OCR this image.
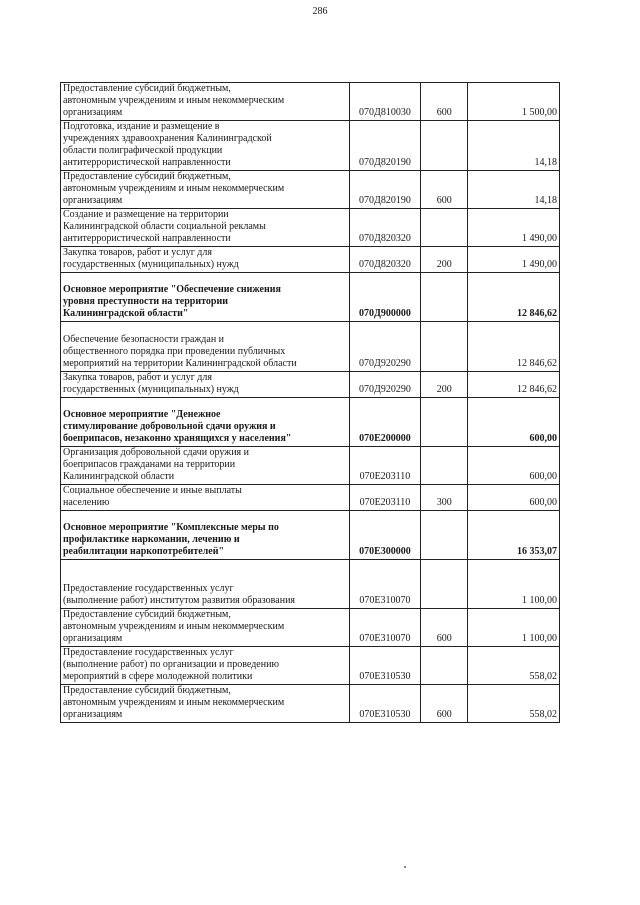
286
Предоставление субсидий бюджетным,
автономным учреждениям и иным некоммерческим
организациям	070Д810030	600	1 500,00

Подготовка, издание и размещение в
учреждениях здравоохранения Калининградской
области полиграфической продукции
антитеррористической направленности	070Д820190		14,18

Предоставление субсидий бюджетным,
автономным учреждениям и иным некоммерческим
организациям	070Д820190	600	14,18

Создание и размещение на территории
Калининградской области социальной рекламы
антитеррористической направленности	070Д820320		1 490,00

Закупка товаров, работ и услуг для
государственных (муниципальных) нужд	070Д820320	200	1 490,00

Основное мероприятие "Обеспечение снижения
уровня преступности на территории
Калининградской области"	070Д900000		12 846,62

Обеспечение безопасности граждан и
общественного порядка при проведении публичных
мероприятий на территории Калининградской области	070Д920290		12 846,62

Закупка товаров, работ и услуг для
государственных (муниципальных) нужд	070Д920290	200	12 846,62

Основное мероприятие "Денежное
стимулирование добровольной сдачи оружия и
боеприпасов, незаконно хранящихся у населения"	070Е200000		600,00

Организация добровольной сдачи оружия и
боеприпасов гражданами на территории
Калининградской области	070Е203110		600,00

Социальное обеспечение и иные выплаты
населению	070Е203110	300	600,00

Основное мероприятие "Комплексные меры по
профилактике наркомании, лечению и
реабилитации наркопотребителей"	070Е300000		16 353,07

Предоставление государственных услуг
(выполнение работ) институтом развития образования	070Е310070		1 100,00

Предоставление субсидий бюджетным,
автономным учреждениям и иным некоммерческим
организациям	070Е310070	600	1 100,00

Предоставление государственных услуг
(выполнение работ) по организации и проведению
мероприятий в сфере молодежной политики	070Е310530		558,02

Предоставление субсидий бюджетным,
автономным учреждениям и иным некоммерческим
организациям	070Е310530	600	558,02
